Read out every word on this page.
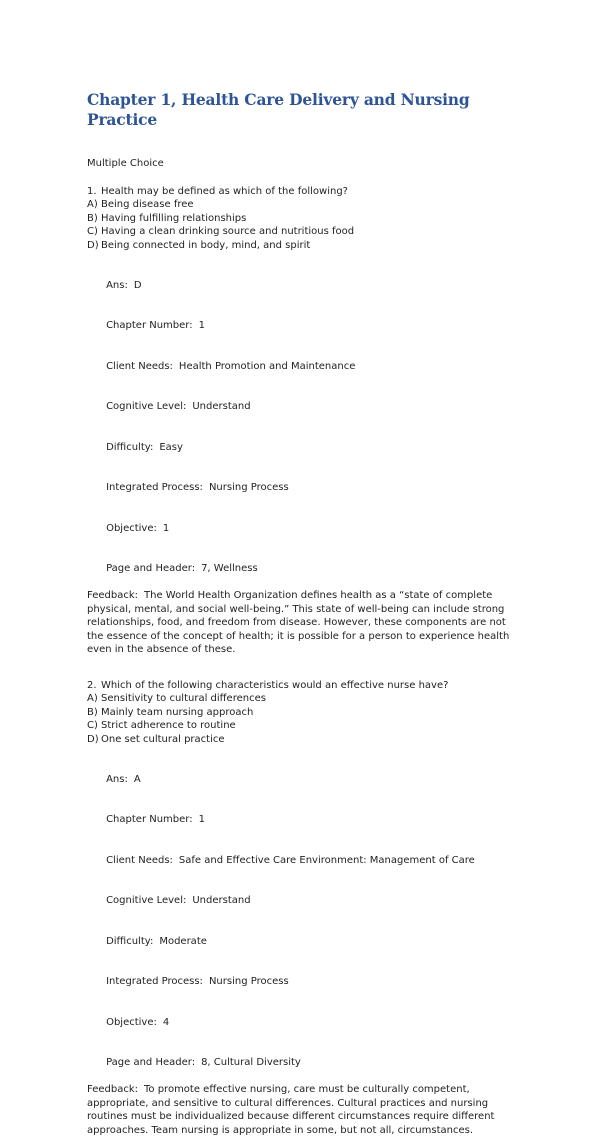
Chapter 1, Health Care Delivery and Nursing Practice
Multiple Choice
1. Health may be defined as which of the following?
A) Being disease free
B) Having fulfilling relationships
C) Having a clean drinking source and nutritious food
D) Being connected in body, mind, and spirit

Ans: D

Chapter Number: 1

Client Needs: Health Promotion and Maintenance

Cognitive Level: Understand

Difficulty: Easy

Integrated Process: Nursing Process

Objective: 1

Page and Header: 7, Wellness

Feedback: The World Health Organization defines health as a “state of complete physical, mental, and social well-being.” This state of well-being can include strong relationships, food, and freedom from disease. However, these components are not the essence of the concept of health; it is possible for a person to experience health even in the absence of these.
2. Which of the following characteristics would an effective nurse have?
A) Sensitivity to cultural differences
B) Mainly team nursing approach
C) Strict adherence to routine
D) One set cultural practice

Ans: A

Chapter Number: 1

Client Needs: Safe and Effective Care Environment: Management of Care

Cognitive Level: Understand

Difficulty: Moderate

Integrated Process: Nursing Process

Objective: 4

Page and Header: 8, Cultural Diversity

Feedback: To promote effective nursing, care must be culturally competent, appropriate, and sensitive to cultural differences. Cultural practices and nursing routines must be individualized because different circumstances require different approaches. Team nursing is appropriate in some, but not all, circumstances.
